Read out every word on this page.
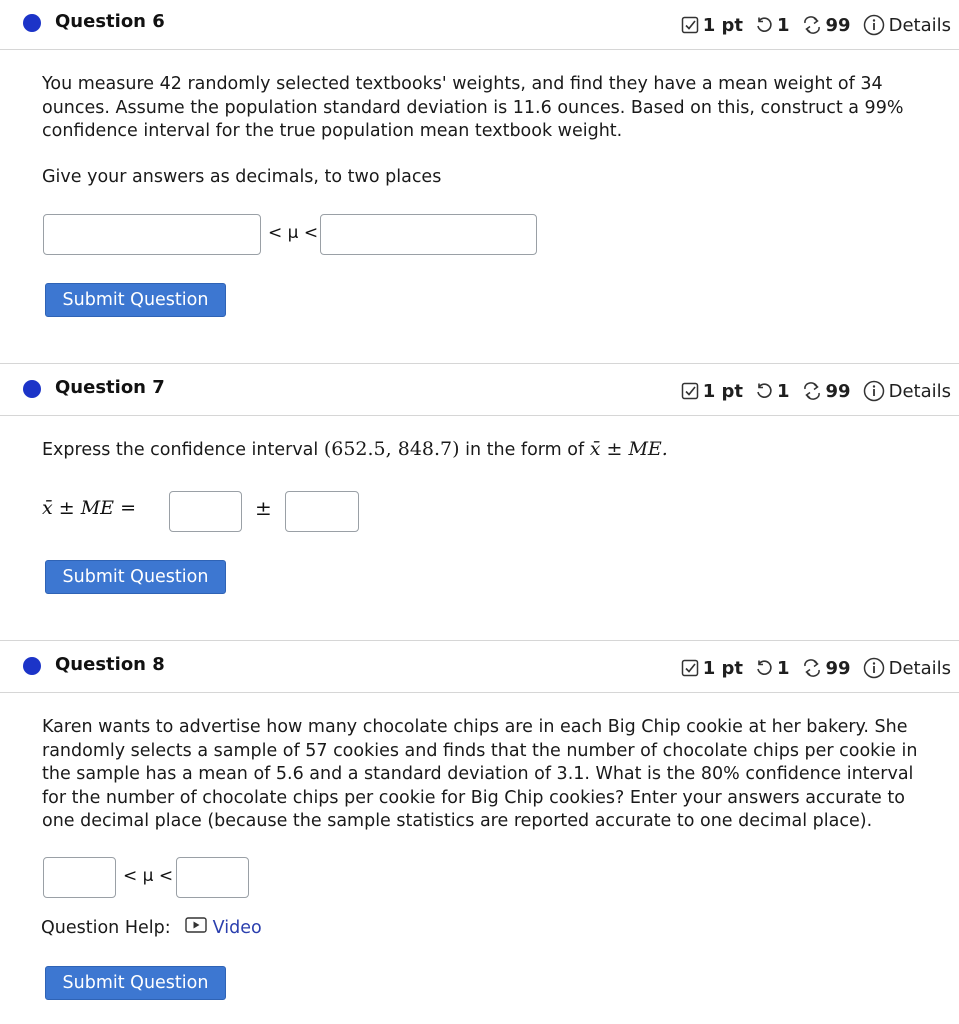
Question 6	1 pt 1 99 Details

You measure 42 randomly selected textbooks' weights, and find they have a mean weight of 34 ounces. Assume the population standard deviation is 11.6 ounces. Based on this, construct a 99% confidence interval for the true population mean textbook weight.

Give your answers as decimals, to two places

< μ <
Submit Question
Question 7	1 pt 1 99 Details
Express the confidence interval (652.5, 848.7) in the form of x̄ ± ME.
x̄ ± ME =	±
Submit Question
Question 8	1 pt 1 99 Details

Karen wants to advertise how many chocolate chips are in each Big Chip cookie at her bakery. She randomly selects a sample of 57 cookies and finds that the number of chocolate chips per cookie in the sample has a mean of 5.6 and a standard deviation of 3.1. What is the 80% confidence interval for the number of chocolate chips per cookie for Big Chip cookies? Enter your answers accurate to one decimal place (because the sample statistics are reported accurate to one decimal place).

< μ <
Question Help: Video
Submit Question
